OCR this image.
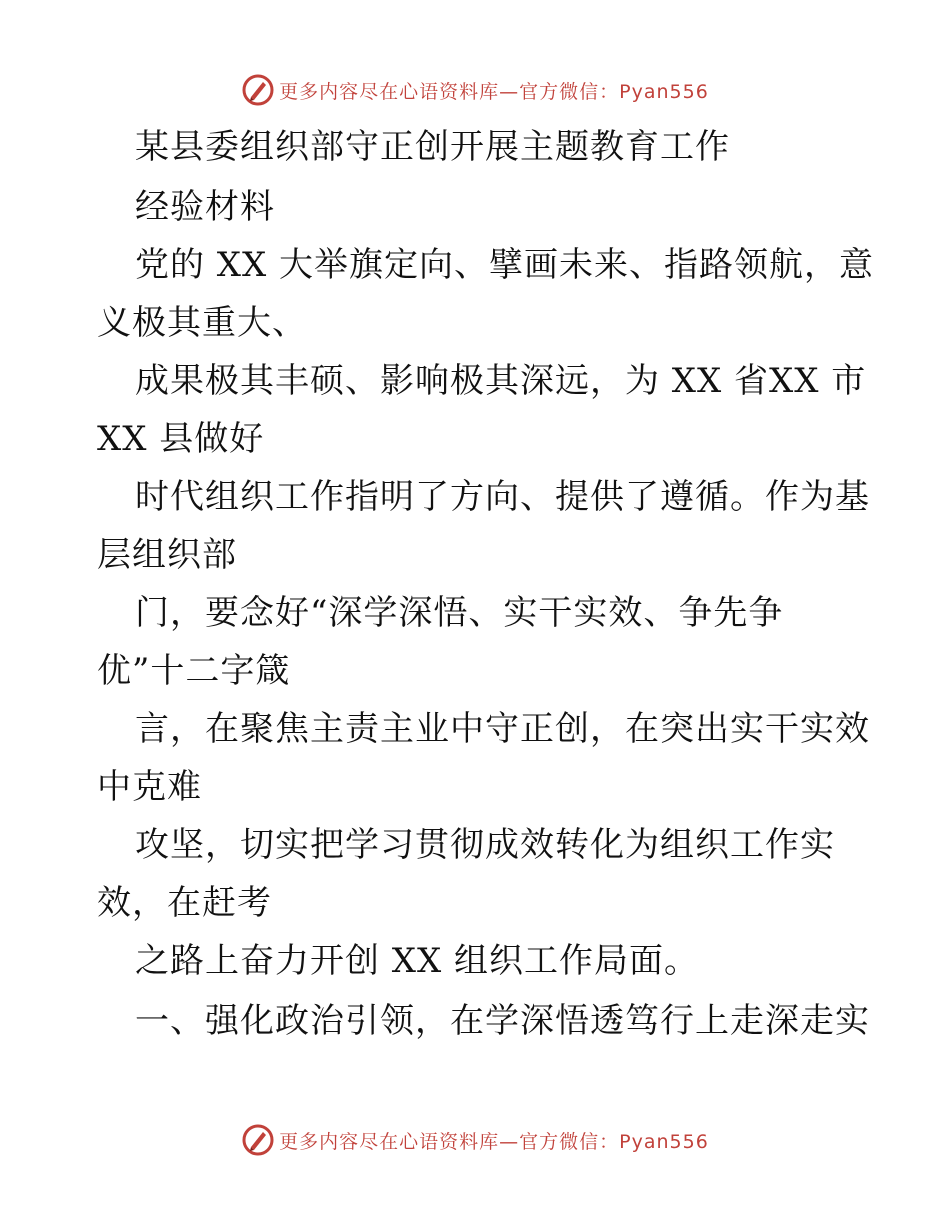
更多内容尽在心语资料库—官方微信：Pyan556
某县委组织部守正创开展主题教育工作
经验材料
党的 XX 大举旗定向、擘画未来、指路领航，意
义极其重大、
成果极其丰硕、影响极其深远，为 XX 省XX 市
XX 县做好
时代组织工作指明了方向、提供了遵循。作为基
层组织部
门，要念好“深学深悟、实干实效、争先争
优”十二字箴
言，在聚焦主责主业中守正创，在突出实干实效
中克难
攻坚，切实把学习贯彻成效转化为组织工作实
效，在赶考
之路上奋力开创 XX 组织工作局面。
一、强化政治引领，在学深悟透笃行上走深走实
更多内容尽在心语资料库—官方微信：Pyan556
